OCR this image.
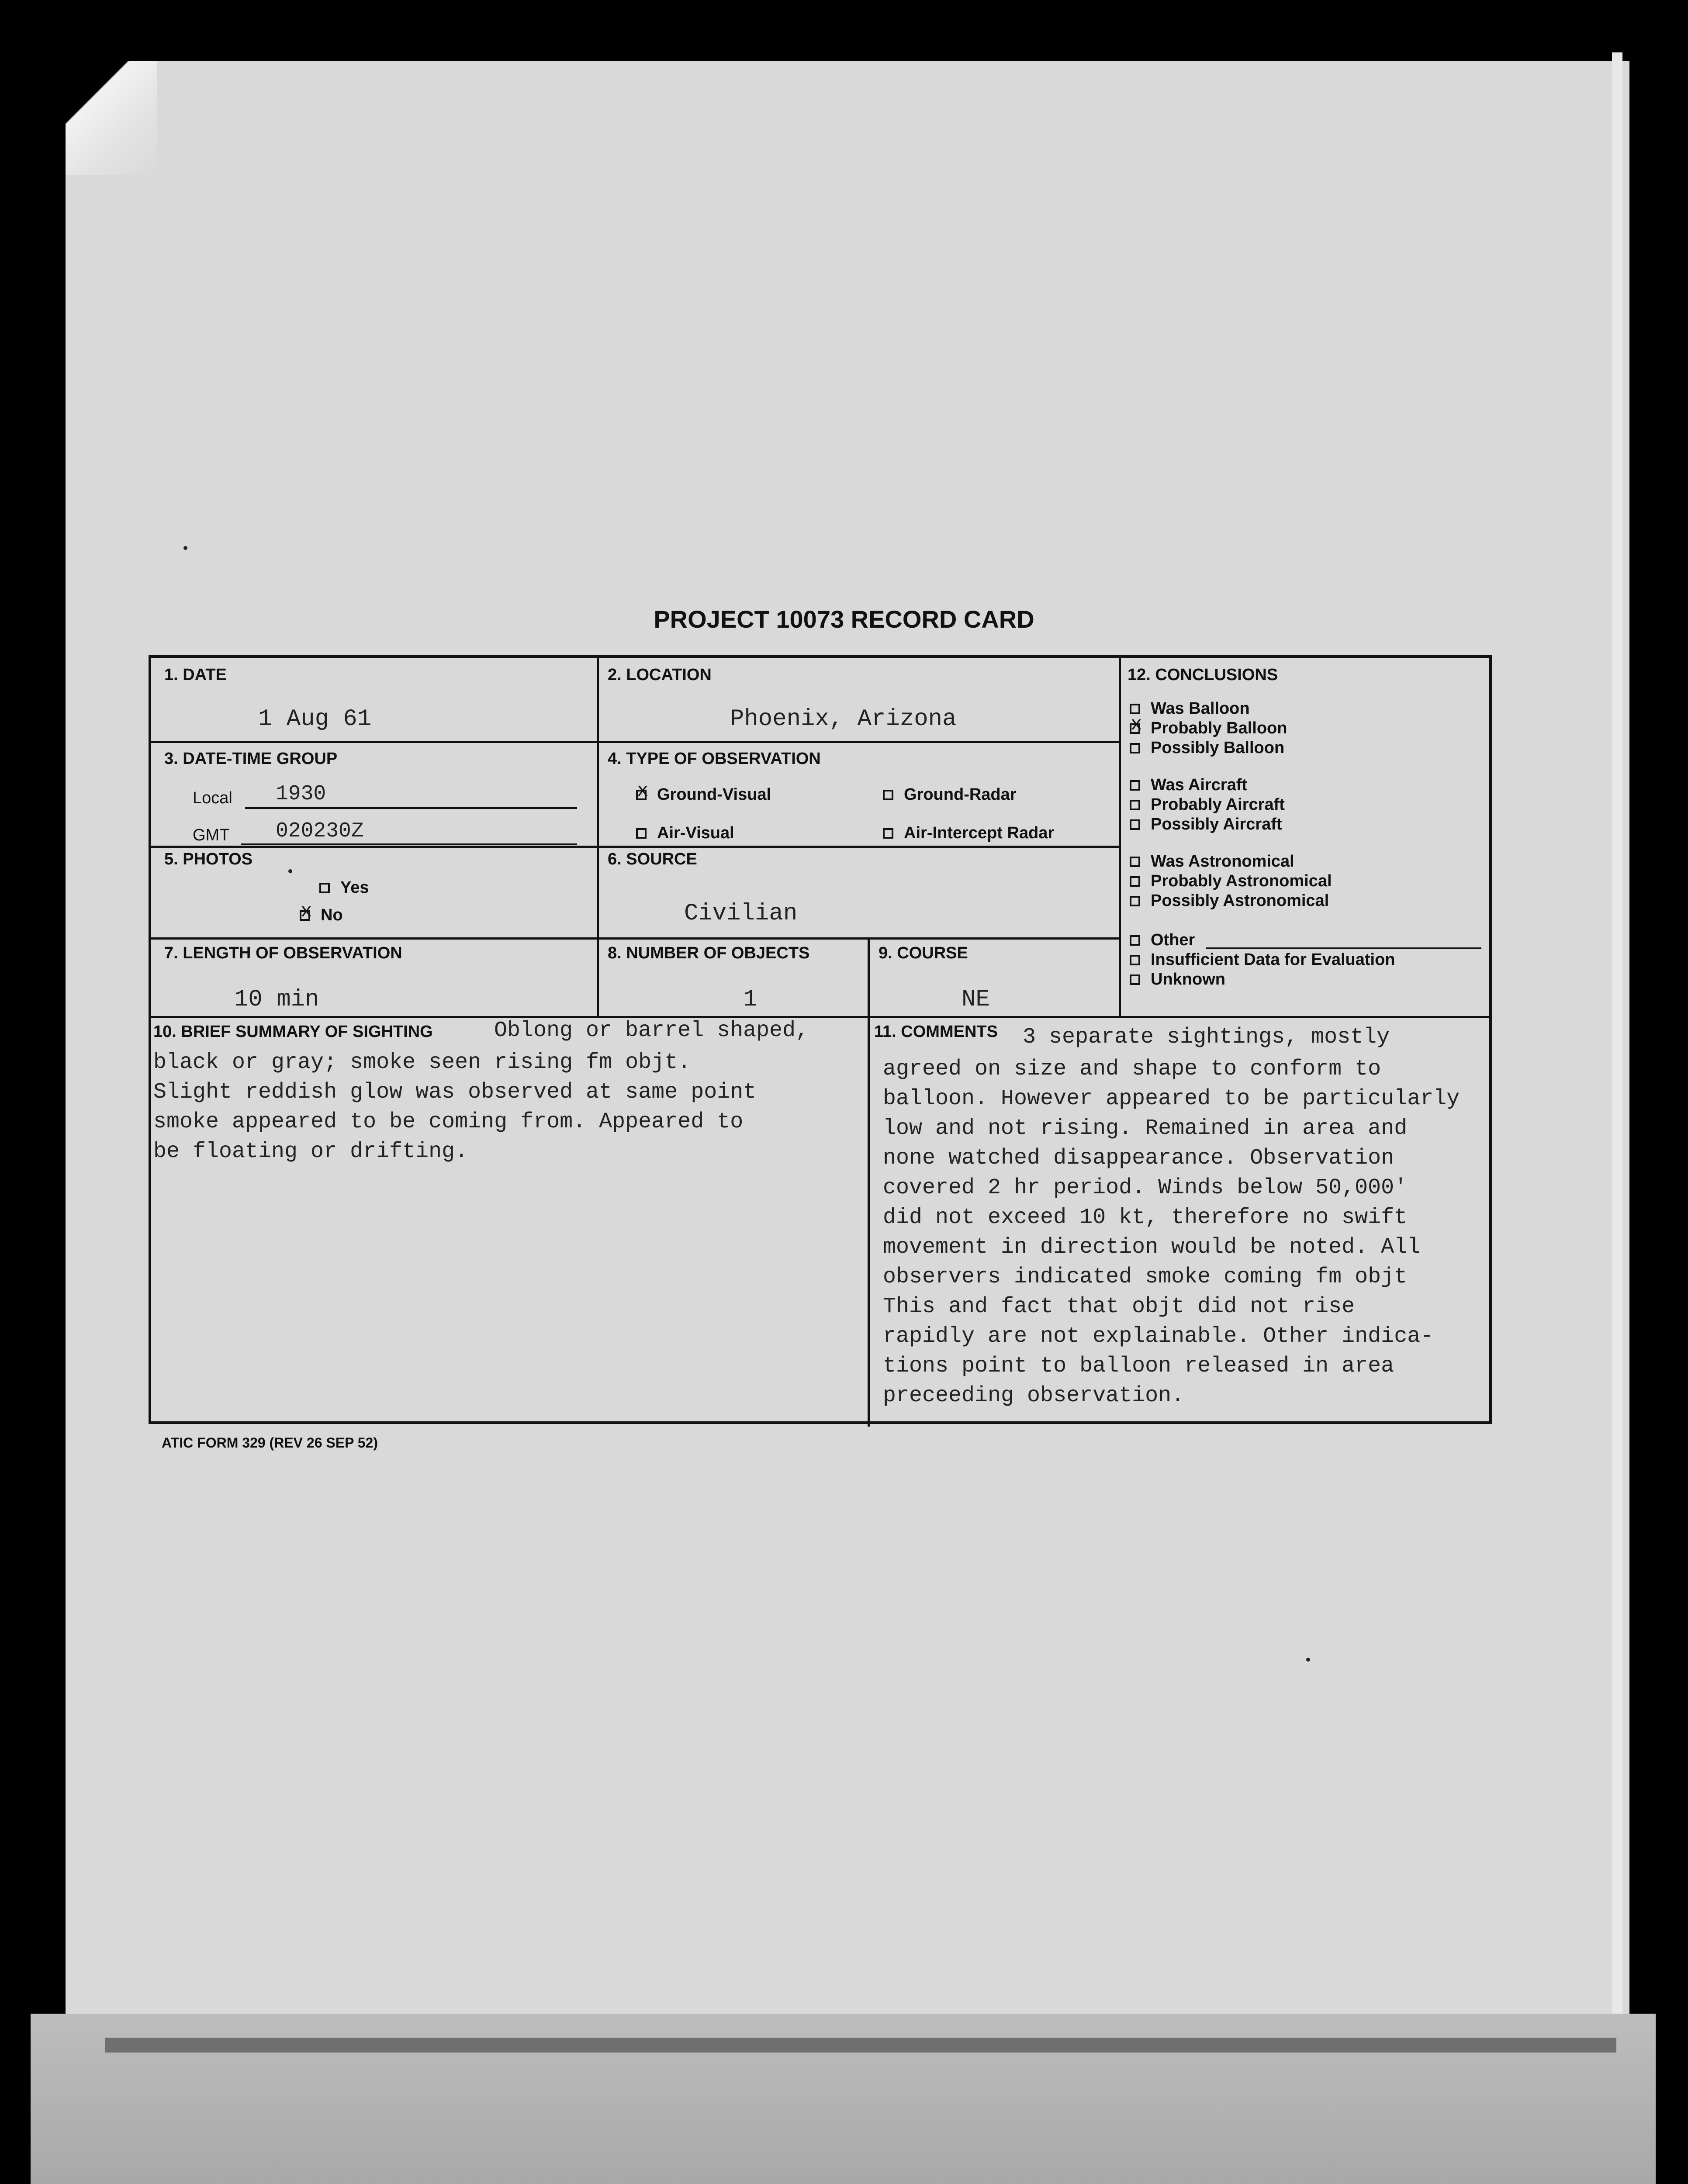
PROJECT 10073 RECORD CARD
1. DATE
1 Aug 61
2. LOCATION
Phoenix, Arizona
3. DATE-TIME GROUP
Local 1930
GMT 020230Z
4. TYPE OF OBSERVATION
x
Ground-Visual	Ground-Radar
Air-Visual	Air-Intercept Radar
5. PHOTOS
Yes
x
No
6. SOURCE
Civilian
7. LENGTH OF OBSERVATION
10 min
8. NUMBER OF OBJECTS
1
9. COURSE
NE
10. BRIEF SUMMARY OF SIGHTING	Oblong or barrel shaped,
black or gray; smoke seen rising fm objt.
Slight reddish glow was observed at same point
smoke appeared to be coming from. Appeared to
be floating or drifting.
11. COMMENTS 3 separate sightings, mostly
agreed on size and shape to conform to
balloon. However appeared to be particularly
low and not rising. Remained in area and
none watched disappearance. Observation
covered 2 hr period. Winds below 50,000'
did not exceed 10 kt, therefore no swift
movement in direction would be noted. All
observers indicated smoke coming fm objt
This and fact that objt did not rise
rapidly are not explainable. Other indica-
tions point to balloon released in area
preceeding observation.
12. CONCLUSIONS
Was Balloon
x
Probably Balloon
Possibly Balloon
Was Aircraft
Probably Aircraft
Possibly Aircraft
Was Astronomical
Probably Astronomical
Possibly Astronomical
Other
Insufficient Data for Evaluation
Unknown
ATIC FORM 329 (REV 26 SEP 52)
